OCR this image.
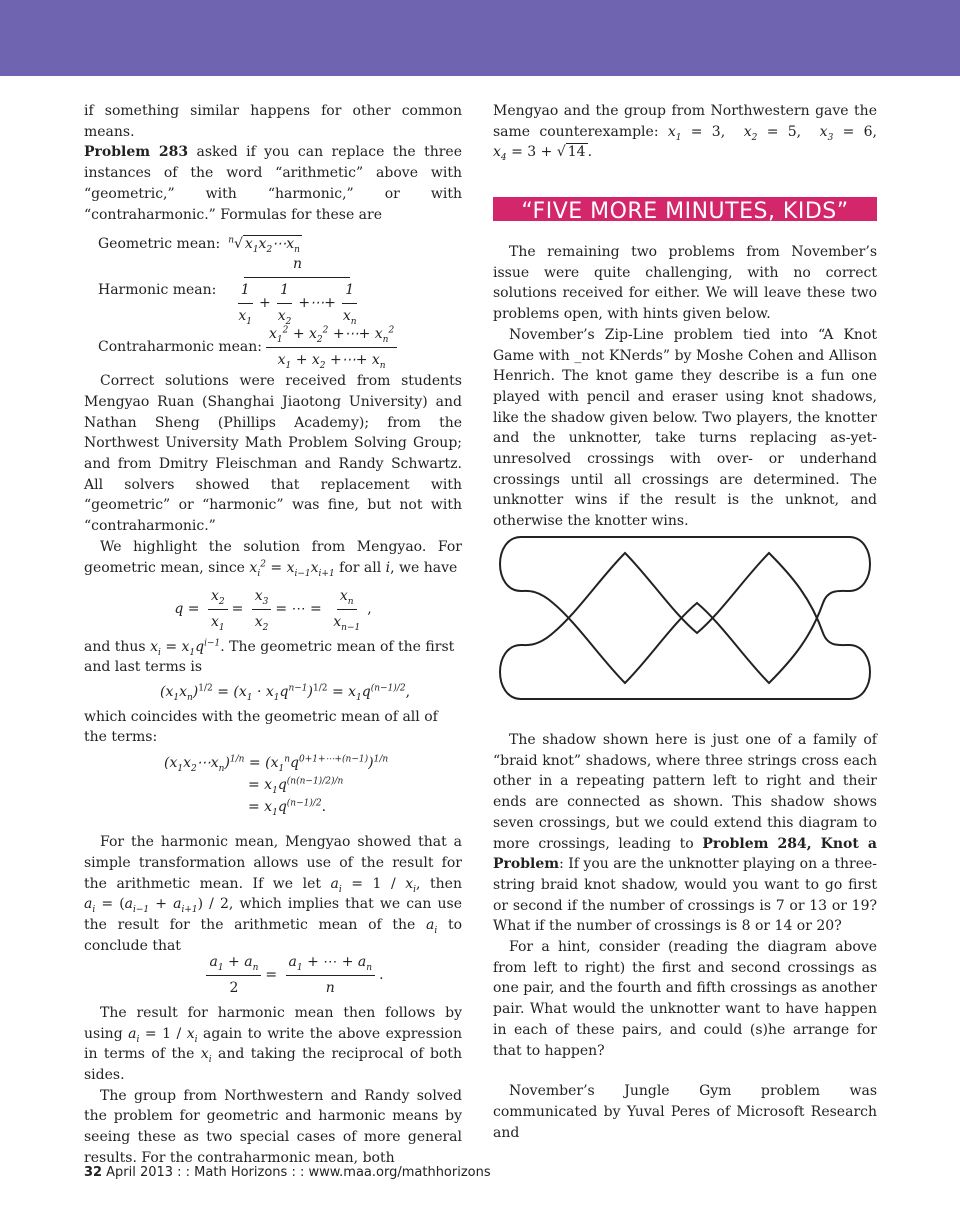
if something similar happens for other common means.

Problem 283 asked if you can replace the three instances of the word “arithmetic” above with “geometric,” with “harmonic,” or with “contraharmonic.” Formulas for these are

Geometric mean: $^n$√ $x_1x_2\cdots x_n$
Harmonic mean: $\frac{n}{\frac{1}{x_1} + \frac{1}{x_2} +\cdots+ \frac{1}{x_n}}$
Contraharmonic mean: $\frac{x_1^2 + x_2^2 +\cdots+ x_n^2}{x_1 + x_2 +\cdots+ x_n}$

Correct solutions were received from students Mengyao Ruan (Shanghai Jiaotong University) and Nathan Sheng (Phillips Academy); from the Northwest University Math Problem Solving Group; and from Dmitry Fleischman and Randy Schwartz. All solvers showed that replacement with “geometric” or “harmonic” was fine, but not with “contraharmonic.”

We highlight the solution from Mengyao. For geometric mean, since $x_i^2 = x_{i-1}x_{i+1}$ for all i, we have

$q = \frac{x_2}{x_1} = \frac{x_3}{x_2}$ = ⋯ = $\frac{x_n}{x_{n-1}}$ ,

and thus $x_i = x_1q^{i-1}$. The geometric mean of the first and last terms is

$(x_1x_n)^{1/2} = (x_1 \cdot x_1q^{n-1})^{1/2} = x_1q^{(n-1)/2}$,

which coincides with the geometric mean of all of the terms:

$(x_1x_2\cdots x_n)^{1/n} = (x_1^nq^{0+1+\cdots+(n-1)})^{1/n}$
= $x_1q^{(n(n-1)/2)/n}$
= $x_1q^{(n-1)/2}$.

For the harmonic mean, Mengyao showed that a simple transformation allows use of the result for the arithmetic mean. If we let $a_i = 1 / x_i$, then $a_i = (a_{i-1} + a_{i+1}) / 2$, which implies that we can use the result for the arithmetic mean of the $a_i$ to conclude that

$\frac{a_1 + a_n}{2} = \frac{a_1 + \cdots + a_n}{n}$ .

The result for harmonic mean then follows by using $a_i = 1 / x_i$ again to write the above expression in terms of the $x_i$ and taking the reciprocal of both sides.

The group from Northwestern and Randy solved the problem for geometric and harmonic means by seeing these as two special cases of more general results. For the contraharmonic mean, both

Mengyao and the group from Northwestern gave the same counterexample: $x_1 = 3$,  $x_2 = 5$,  $x_3 = 6$, $x_4 = 3$ + √ 14 .

“FIVE MORE MINUTES, KIDS”

The remaining two problems from November’s issue were quite challenging, with no correct solutions received for either. We will leave these two problems open, with hints given below.

November’s Zip-Line problem tied into “A Knot Game with _not KNerds” by Moshe Cohen and Allison Henrich. The knot game they describe is a fun one played with pencil and eraser using knot shadows, like the shadow given below. Two players, the knotter and the unknotter, take turns replacing as-yet-unresolved crossings with over- or underhand crossings until all crossings are determined. The unknotter wins if the result is the unknot, and otherwise the knotter wins.

The shadow shown here is just one of a family of “braid knot” shadows, where three strings cross each other in a repeating pattern left to right and their ends are connected as shown. This shadow shows seven crossings, but we could extend this diagram to more crossings, leading to Problem 284, Knot a Problem: If you are the unknotter playing on a three-string braid knot shadow, would you want to go first or second if the number of crossings is 7 or 13 or 19? What if the number of crossings is 8 or 14 or 20?

For a hint, consider (reading the diagram above from left to right) the first and second crossings as one pair, and the fourth and fifth crossings as another pair. What would the unknotter want to have happen in each of these pairs, and could (s)he arrange for that to happen?

November’s Jungle Gym problem was communicated by Yuval Peres of Microsoft Research and

32 April 2013 : : Math Horizons : : www.maa.org/mathhorizons
